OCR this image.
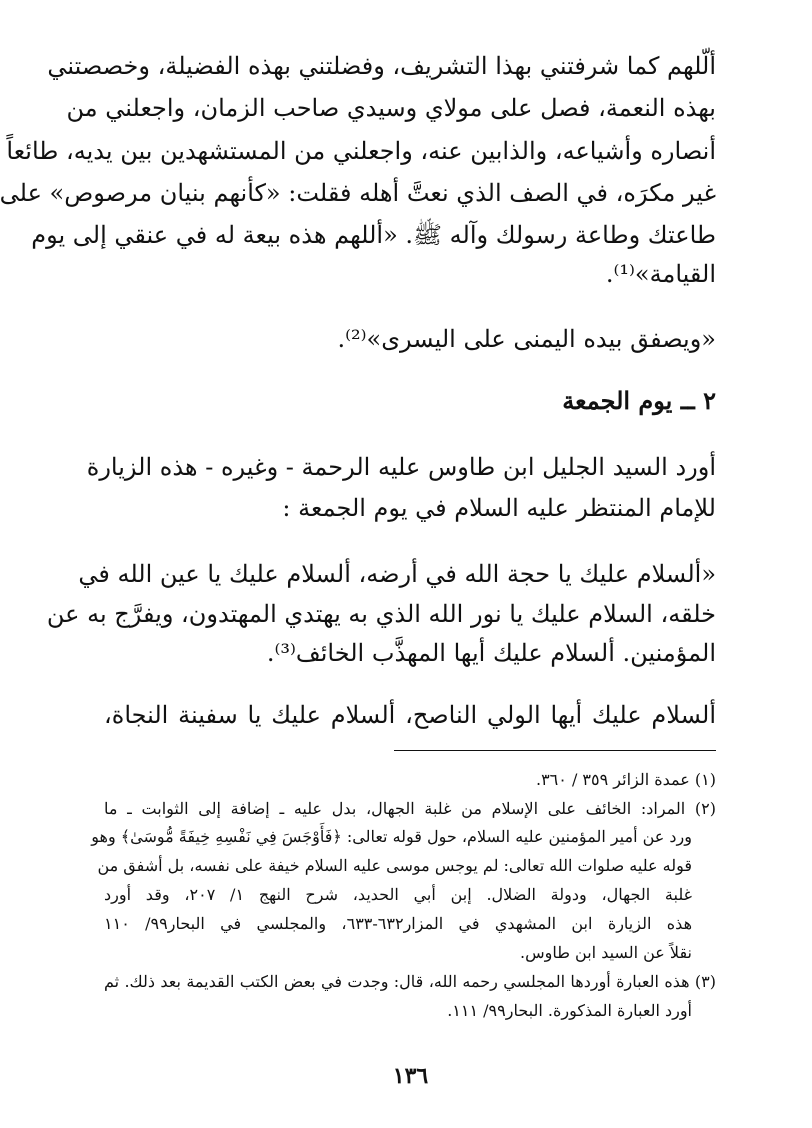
ألّلهم كما شرفتني بهذا التشريف، وفضلتني بهذه الفضيلة، وخصصتني
بهذه النعمة، فصل على مولاي وسيدي صاحب الزمان، واجعلني من
أنصاره وأشياعه، والذابين عنه، واجعلني من المستشهدين بين يديه، طائعاً
غير مكرَه، في الصف الذي نعتَّ أهله فقلت: «كأنهم بنيان مرصوص» على
طاعتك وطاعة رسولك وآله ﷺ. «أللهم هذه بيعة له في عنقي إلى يوم
القيامة»⁽¹⁾.
«ويصفق بيده اليمنى على اليسرى»⁽²⁾.
٢ ــ يوم الجمعة
أورد السيد الجليل ابن طاوس عليه الرحمة - وغيره - هذه الزيارة
للإمام المنتظر عليه السلام في يوم الجمعة :
«ألسلام عليك يا حجة الله في أرضه، ألسلام عليك يا عين الله في
خلقه، السلام عليك يا نور الله الذي به يهتدي المهتدون، ويفرَّج به عن
المؤمنين. ألسلام عليك أيها المهذَّب الخائف⁽³⁾.
ألسلام عليك أيها الولي الناصح، ألسلام عليك يا سفينة النجاة،
(١) عمدة الزائر ٣٥٩ / ٣٦٠.
(٢) المراد: الخائف على الإسلام من غلبة الجهال، بدل عليه ـ إضافة إلى الثوابت ـ ما
ورد عن أمير المؤمنين عليه السلام، حول قوله تعالى: ﴿فَأَوْجَسَ فِي نَفْسِهِ خِيفَةً مُّوسَىٰ﴾ وهو
قوله عليه صلوات الله تعالى: لم يوجس موسى عليه السلام خيفة على نفسه، بل أشفق من
غلبة الجهال، ودولة الضلال. إبن أبي الحديد، شرح النهج ١/ ٢٠٧، وقد أورد
هذه الزيارة ابن المشهدي في المزار٦٣٢-٦٣٣، والمجلسي في البحار٩٩/ ١١٠
نقلاً عن السيد ابن طاوس.
(٣) هذه العبارة أوردها المجلسي رحمه الله، قال: وجدت في بعض الكتب القديمة بعد ذلك. ثم
أورد العبارة المذكورة. البحار٩٩/ ١١١.
١٣٦
